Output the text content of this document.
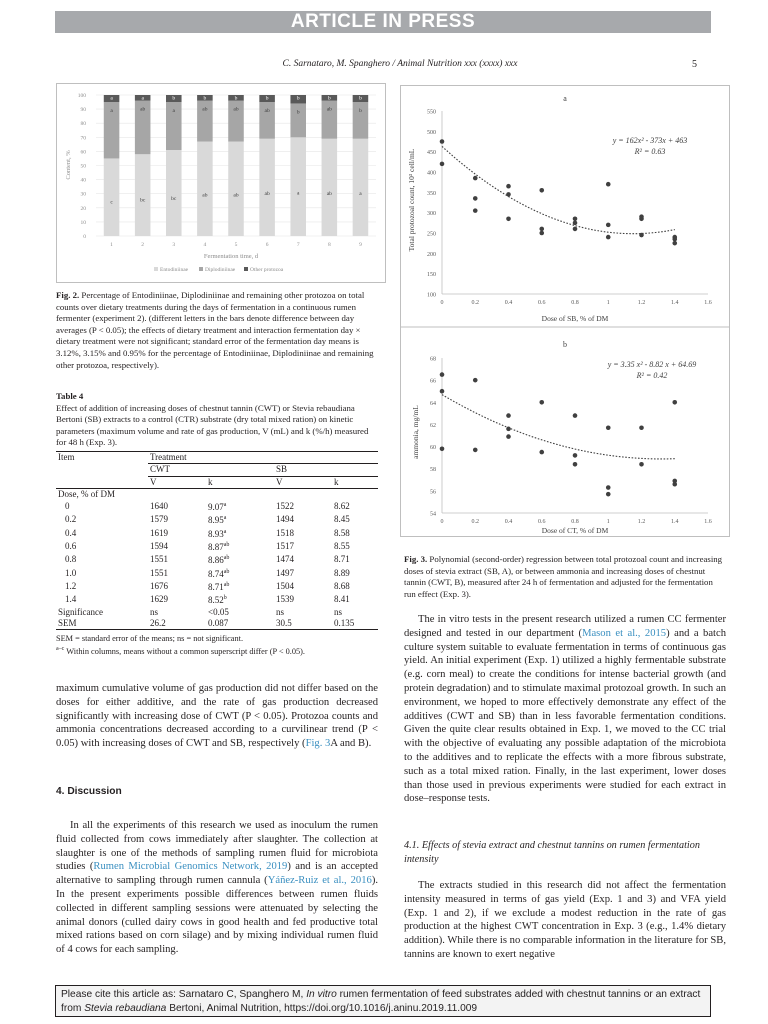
ARTICLE IN PRESS
C. Sarnataro, M. Spanghero / Animal Nutrition xxx (xxxx) xxx	5
c
a
a
bc
ab
a
bc
a
b
ab
ab
b
ab
ab
b
ab
ab
b
a
b
b
ab
ab
b
a
b
b
1	2	3	4	5	6	7	8	9
0
10
20
30
40
50
60
70
80
90
100
Content, %
Fermentation time, d
Entodiniinae	Diplodiniinae	Other protozoa
Fig. 2. Percentage of Entodiniinae, Diplodiniinae and remaining other protozoa on total counts over dietary treatments during the days of fermentation in a continuous rumen fermenter (experiment 2). (different letters in the bars denote difference between day averages (P < 0.05); the effects of dietary treatment and interaction fermentation day × dietary treatment were not significant; standard error of the fermentation day means is 3.12%, 3.15% and 0.95% for the percentage of Entodiniinae, Diplodiniinae and remaining other protozoa, respectively).
a
b
100
150
200
250
300
350
400
450
500
550
0	0.2	0.4	0.6	0.8	1	1.2	1.4	1.6
54
56
58
60
62
64
66
68
0	0.2	0.4	0.6	0.8	1	1.2	1.4	1.6
y = 162x² - 373x + 463
R² = 0.63
y = 3.35 x² - 8.82 x + 64.69
R² = 0.42
Total protozoal count, 10³ cell/mL
Dose of SB, % of DM
ammonia, mg/mL
Dose of CT, % of DM
Fig. 3. Polynomial (second-order) regression between total protozoal count and increasing doses of stevia extract (SB, A), or between ammonia and increasing doses of chestnut tannin (CWT, B), measured after 24 h of fermentation and adjusted for the fermentation run effect (Exp. 3).
Table 4
Effect of addition of increasing doses of chestnut tannin (CWT) or Stevia rebaudiana Bertoni (SB) extracts to a control (CTR) substrate (dry total mixed ration) on kinetic parameters (maximum volume and rate of gas production, V (mL) and k (%/h) measured for 48 h (Exp. 3).
Item	Treatment			
	CWT		SB	
	V	k	V	k
Dose, % of DM				
0	1640	9.07$^a$	1522	8.62
0.2	1579	8.95$^a$	1494	8.45
0.4	1619	8.93$^a$	1518	8.58
0.6	1594	8.87$^{ab}$	1517	8.55
0.8	1551	8.86$^{ab}$	1474	8.71
1.0	1551	8.74$^{ab}$	1497	8.89
1.2	1676	8.71$^{ab}$	1504	8.68
1.4	1629	8.52$^b$	1539	8.41
Significance	ns	<0.05	ns	ns
SEM	26.2	0.087	30.5	0.135
SEM = standard error of the means; ns = not significant.
$^{a-c}$ Within columns, means without a common superscript differ (P < 0.05).

maximum cumulative volume of gas production did not differ based on the doses for either additive, and the rate of gas production decreased significantly with increasing dose of CWT (P < 0.05). Protozoa counts and ammonia concentrations decreased according to a curvilinear trend (P < 0.05) with increasing doses of CWT and SB, respectively (Fig. 3A and B).

4. Discussion

In all the experiments of this research we used as inoculum the rumen fluid collected from cows immediately after slaughter. The collection at slaughter is one of the methods of sampling rumen fluid for microbiota studies (Rumen Microbial Genomics Network, 2019) and is an accepted alternative to sampling through rumen cannula (Yáñez-Ruiz et al., 2016). In the present experiments possible differences between rumen fluids collected in different sampling sessions were attenuated by selecting the animal donors (culled dairy cows in good health and fed productive total mixed rations based on corn silage) and by mixing individual rumen fluid of 4 cows for each sampling.

The in vitro tests in the present research utilized a rumen CC fermenter designed and tested in our department (Mason et al., 2015) and a batch culture system suitable to evaluate fermentation in terms of continuous gas yield. An initial experiment (Exp. 1) utilized a highly fermentable substrate (e.g. corn meal) to create the conditions for intense bacterial growth (and protein degradation) and to stimulate maximal protozoal growth. In such an environment, we hoped to more effectively demonstrate any effect of the additives (CWT and SB) than in less favorable fermentation conditions. Given the quite clear results obtained in Exp. 1, we moved to the CC trial with the objective of evaluating any possible adaptation of the microbiota to the additives and to replicate the effects with a more fibrous substrate, such as a total mixed ration. Finally, in the last experiment, lower doses than those used in previous experiments were studied for each extract in dose–response tests.

4.1. Effects of stevia extract and chestnut tannins on rumen fermentation intensity

The extracts studied in this research did not affect the fermentation intensity measured in terms of gas yield (Exp. 1 and 3) and VFA yield (Exp. 1 and 2), if we exclude a modest reduction in the rate of gas production at the highest CWT concentration in Exp. 3 (e.g., 1.4% dietary addition). While there is no comparable information in the literature for SB, tannins are known to exert negative

Please cite this article as: Sarnataro C, Spanghero M, In vitro rumen fermentation of feed substrates added with chestnut tannins or an extract from Stevia rebaudiana Bertoni, Animal Nutrition, https://doi.org/10.1016/j.aninu.2019.11.009
